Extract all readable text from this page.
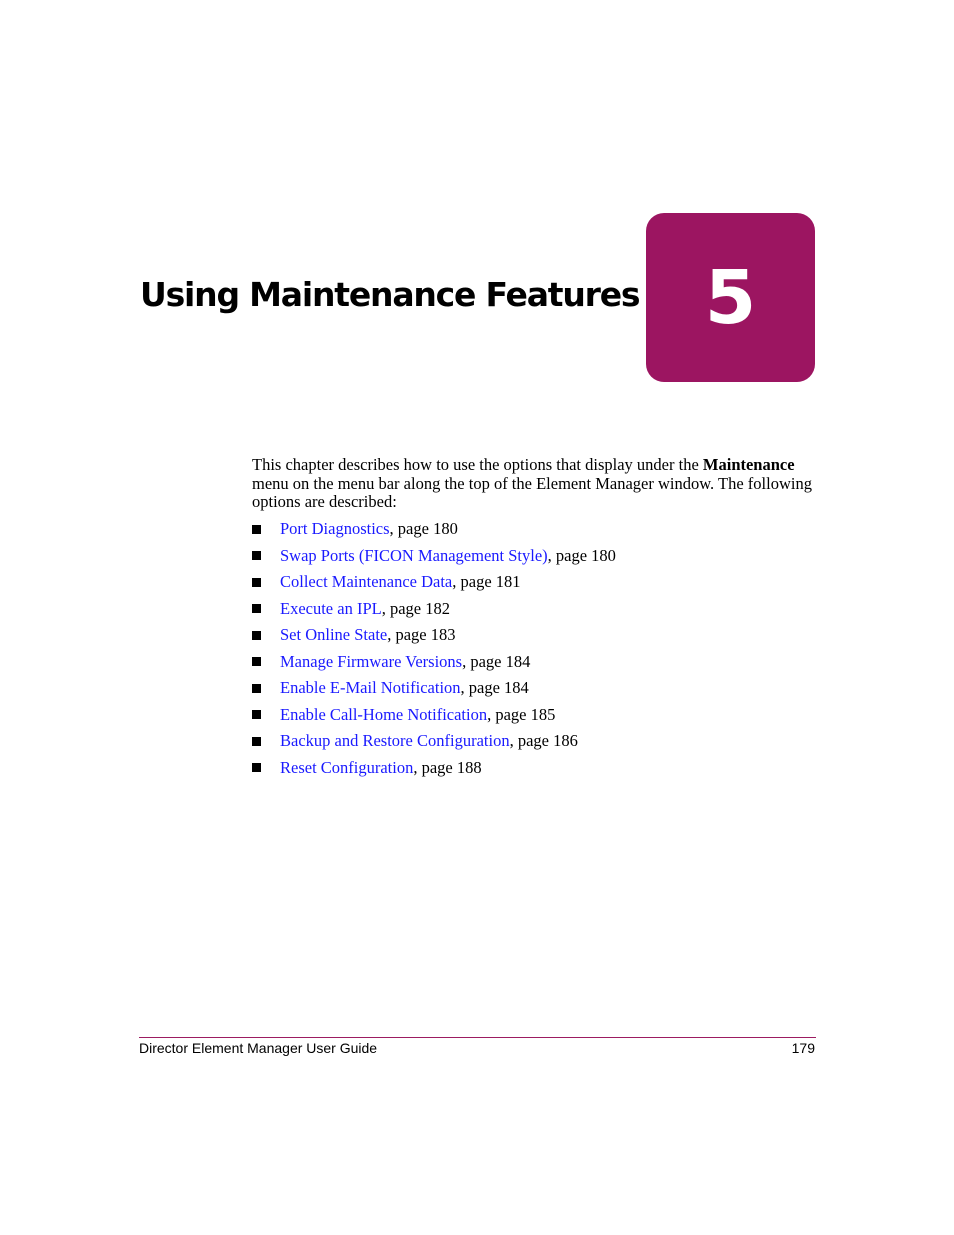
Using Maintenance Features 5

This chapter describes how to use the options that display under the Maintenance menu on the menu bar along the top of the Element Manager window. The following options are described:

Port Diagnostics , page 180
Swap Ports (FICON Management Style) , page 180
Collect Maintenance Data , page 181
Execute an IPL , page 182
Set Online State , page 183
Manage Firmware Versions , page 184
Enable E-Mail Notification , page 184
Enable Call-Home Notification , page 185
Backup and Restore Configuration , page 186
Reset Configuration , page 188
Director Element Manager User Guide	179
